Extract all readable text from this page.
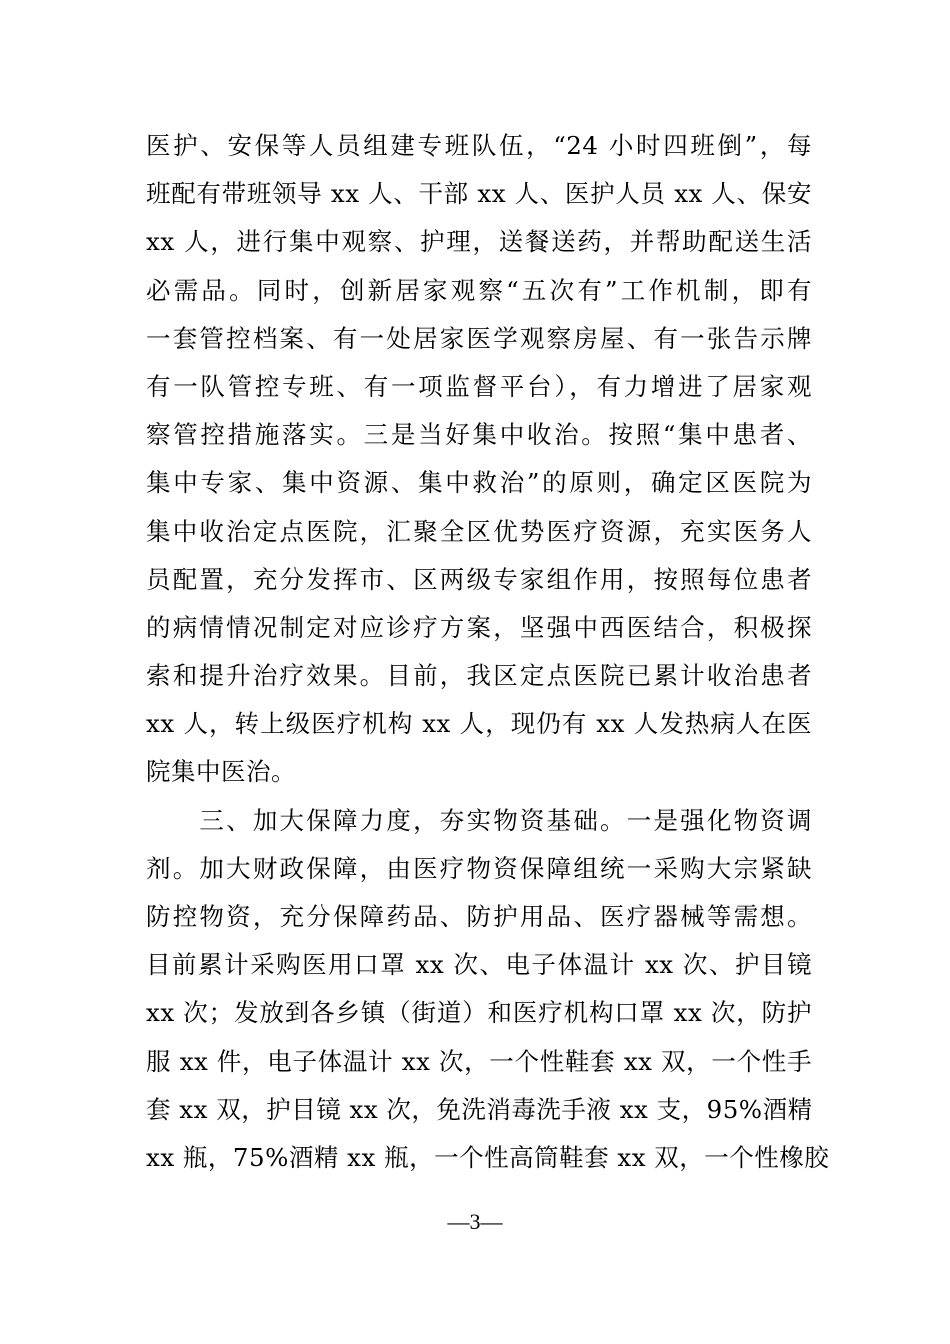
医护、安保等人员组建专班队伍，“24 小时四班倒”，每
班配有带班领导 xx 人、干部 xx 人、医护人员 xx 人、保安
xx 人，进行集中观察、护理，送餐送药，并帮助配送生活
必需品。同时，创新居家观察“五次有”工作机制，即有
一套管控档案、有一处居家医学观察房屋、有一张告示牌
有一队管控专班、有一项监督平台），有力增进了居家观
察管控措施落实。三是当好集中收治。按照“集中患者、
集中专家、集中资源、集中救治”的原则，确定区医院为
集中收治定点医院，汇聚全区优势医疗资源，充实医务人
员配置，充分发挥市、区两级专家组作用，按照每位患者
的病情情况制定对应诊疗方案，坚强中西医结合，积极探
索和提升治疗效果。目前，我区定点医院已累计收治患者
xx 人，转上级医疗机构 xx 人，现仍有 xx 人发热病人在医
院集中医治。
　　三、加大保障力度，夯实物资基础。一是强化物资调
剂。加大财政保障，由医疗物资保障组统一采购大宗紧缺
防控物资，充分保障药品、防护用品、医疗器械等需想。
目前累计采购医用口罩 xx 次、电子体温计 xx 次、护目镜
xx 次；发放到各乡镇（街道）和医疗机构口罩 xx 次，防护
服 xx 件，电子体温计 xx 次，一个性鞋套 xx 双，一个性手
套 xx 双，护目镜 xx 次，免洗消毒洗手液 xx 支，95%酒精
xx 瓶，75%酒精 xx 瓶，一个性高筒鞋套 xx 双，一个性橡胶
—3—
